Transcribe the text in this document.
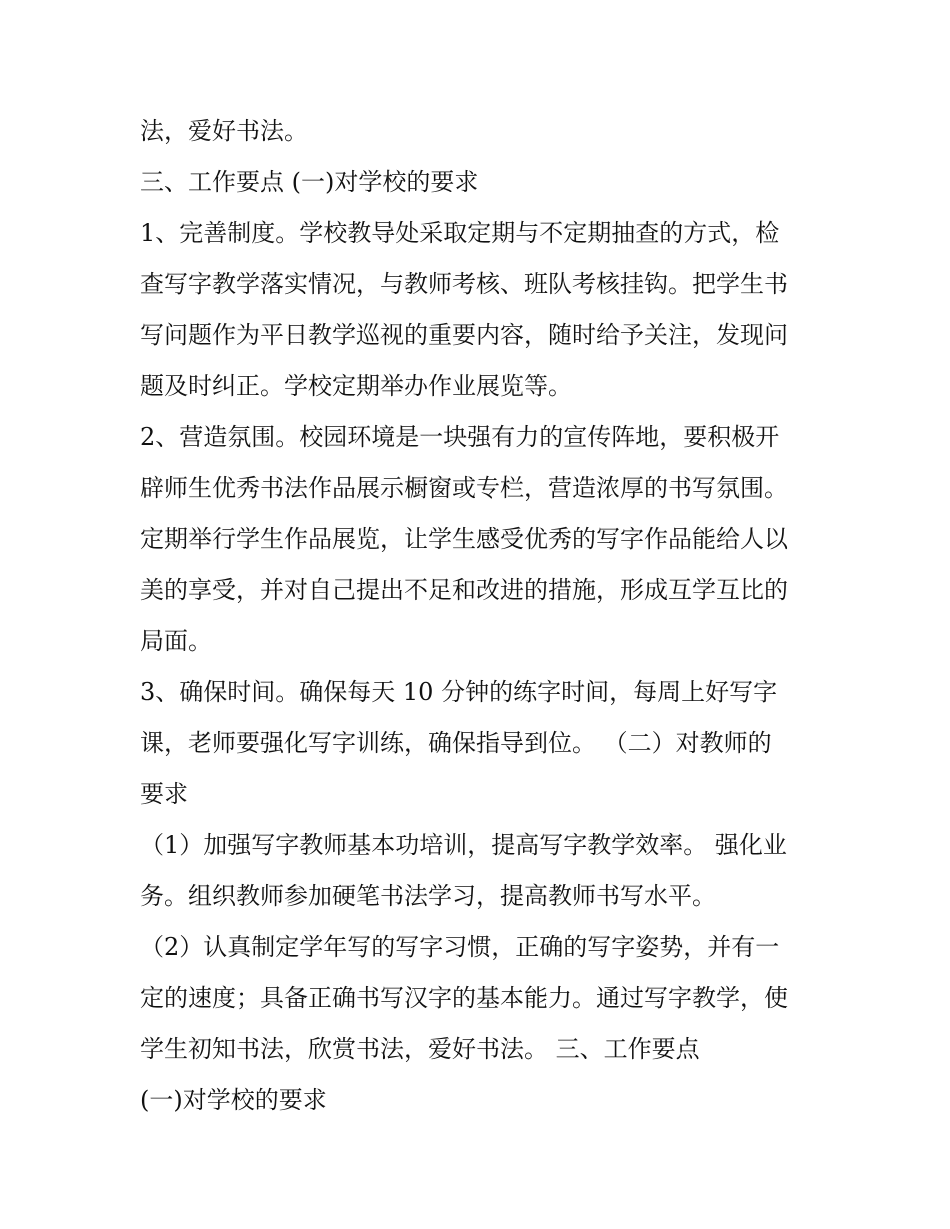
法，爱好书法。
三、工作要点 (一)对学校的要求
1、完善制度。学校教导处采取定期与不定期抽查的方式，检
查写字教学落实情况，与教师考核、班队考核挂钩。把学生书
写问题作为平日教学巡视的重要内容，随时给予关注，发现问
题及时纠正。学校定期举办作业展览等。
2、营造氛围。校园环境是一块强有力的宣传阵地，要积极开
辟师生优秀书法作品展示橱窗或专栏，营造浓厚的书写氛围。
定期举行学生作品展览，让学生感受优秀的写字作品能给人以
美的享受，并对自己提出不足和改进的措施，形成互学互比的
局面。
3、确保时间。确保每天 10 分钟的练字时间，每周上好写字
课，老师要强化写字训练，确保指导到位。 （二）对教师的
要求
（1）加强写字教师基本功培训，提高写字教学效率。 强化业
务。组织教师参加硬笔书法学习，提高教师书写水平。
（2）认真制定学年写的写字习惯，正确的写字姿势，并有一
定的速度；具备正确书写汉字的基本能力。通过写字教学，使
学生初知书法，欣赏书法，爱好书法。 三、工作要点
(一)对学校的要求
